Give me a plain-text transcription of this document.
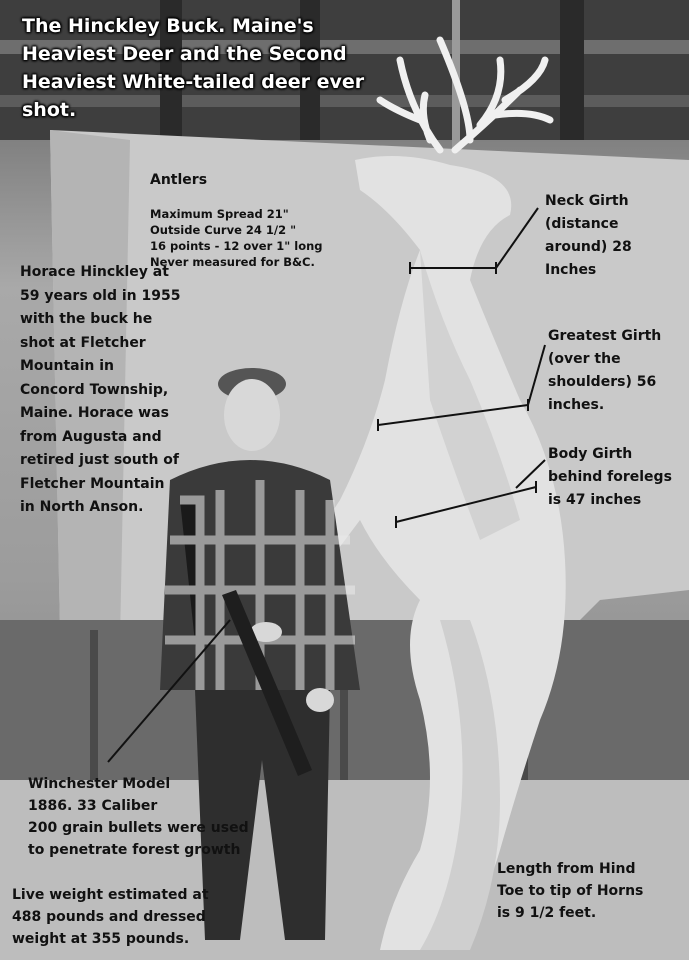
The Hinckley Buck. Maine's Heaviest Deer and the Second Heaviest White-tailed deer ever shot.

Antlers

Maximum Spread 21"
Outside Curve 24 1/2 "
16 points - 12 over 1" long
Never measured for B&C.

Neck Girth
(distance
around) 28
Inches
Greatest Girth
(over the
shoulders) 56
inches.
Body Girth
behind forelegs
is 47 inches
Horace Hinckley at
59 years old in 1955
with the buck he
shot at Fletcher
Mountain in
Concord Township,
Maine. Horace was
from Augusta and
retired just south of
Fletcher Mountain
in North Anson.
Winchester Model
1886. 33 Caliber
200 grain bullets were used
to penetrate forest growth
Live weight estimated at
488 pounds and dressed
weight at 355 pounds.
Length from Hind
Toe to tip of Horns
is 9 1/2 feet.
